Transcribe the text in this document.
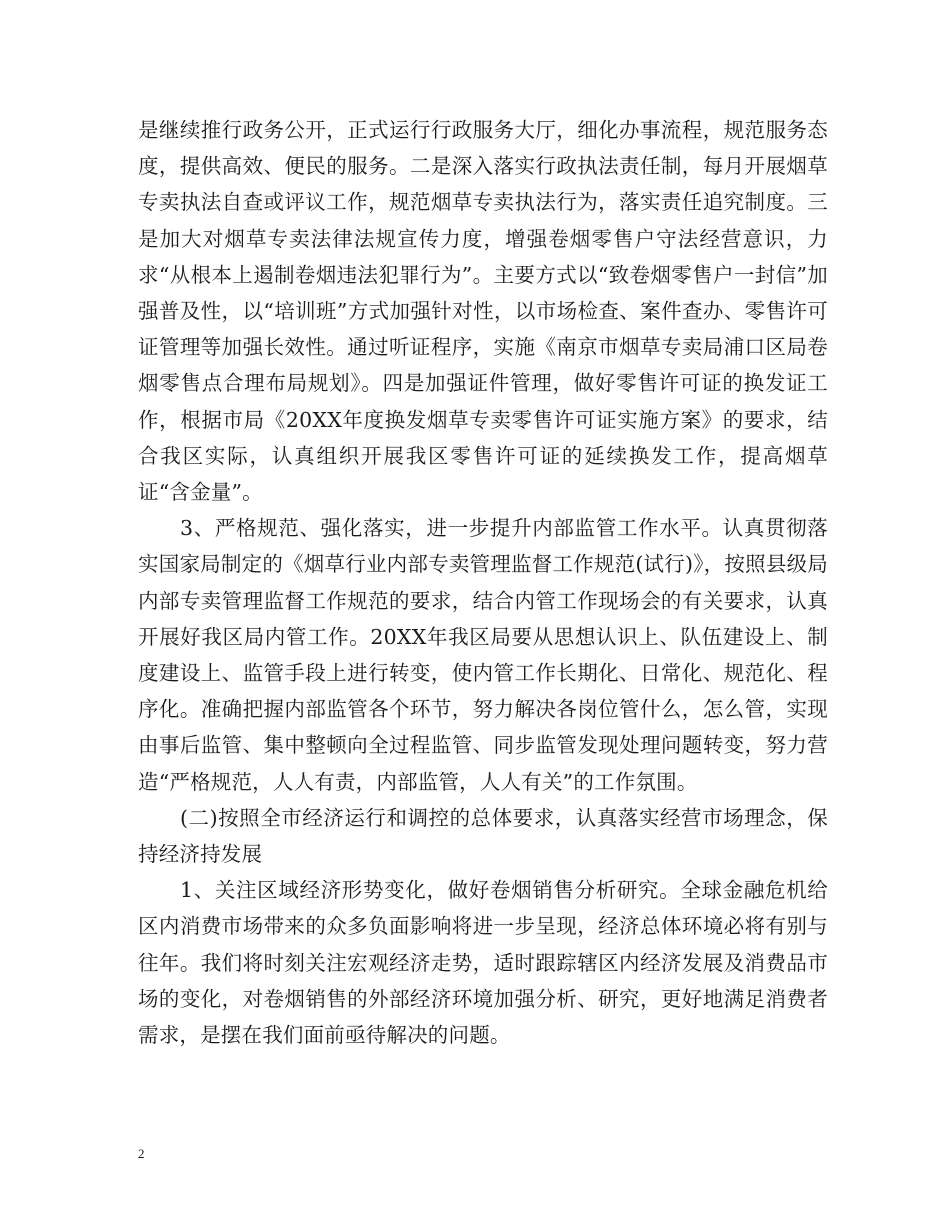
是继续推行政务公开，正式运行行政服务大厅，细化办事流程，规范服务态度，提供高效、便民的服务。二是深入落实行政执法责任制，每月开展烟草专卖执法自查或评议工作，规范烟草专卖执法行为，落实责任追究制度。三是加大对烟草专卖法律法规宣传力度，增强卷烟零售户守法经营意识，力求“从根本上遏制卷烟违法犯罪行为”。主要方式以“致卷烟零售户一封信”加强普及性，以“培训班”方式加强针对性，以市场检查、案件查办、零售许可证管理等加强长效性。通过听证程序，实施《南京市烟草专卖局浦口区局卷烟零售点合理布局规划》。四是加强证件管理，做好零售许可证的换发证工作，根据市局《20XX年度换发烟草专卖零售许可证实施方案》的要求，结合我区实际，认真组织开展我区零售许可证的延续换发工作，提高烟草证“含金量”。

3、严格规范、强化落实，进一步提升内部监管工作水平。认真贯彻落实国家局制定的《烟草行业内部专卖管理监督工作规范(试行)》，按照县级局内部专卖管理监督工作规范的要求，结合内管工作现场会的有关要求，认真开展好我区局内管工作。20XX年我区局要从思想认识上、队伍建设上、制度建设上、监管手段上进行转变，使内管工作长期化、日常化、规范化、程序化。准确把握内部监管各个环节，努力解决各岗位管什么，怎么管，实现由事后监管、集中整顿向全过程监管、同步监管发现处理问题转变，努力营造“严格规范，人人有责，内部监管，人人有关”的工作氛围。

(二)按照全市经济运行和调控的总体要求，认真落实经营市场理念，保持经济持发展

1、关注区域经济形势变化，做好卷烟销售分析研究。全球金融危机给区内消费市场带来的众多负面影响将进一步呈现，经济总体环境必将有别与往年。我们将时刻关注宏观经济走势，适时跟踪辖区内经济发展及消费品市场的变化，对卷烟销售的外部经济环境加强分析、研究，更好地满足消费者需求，是摆在我们面前亟待解决的问题。

2
